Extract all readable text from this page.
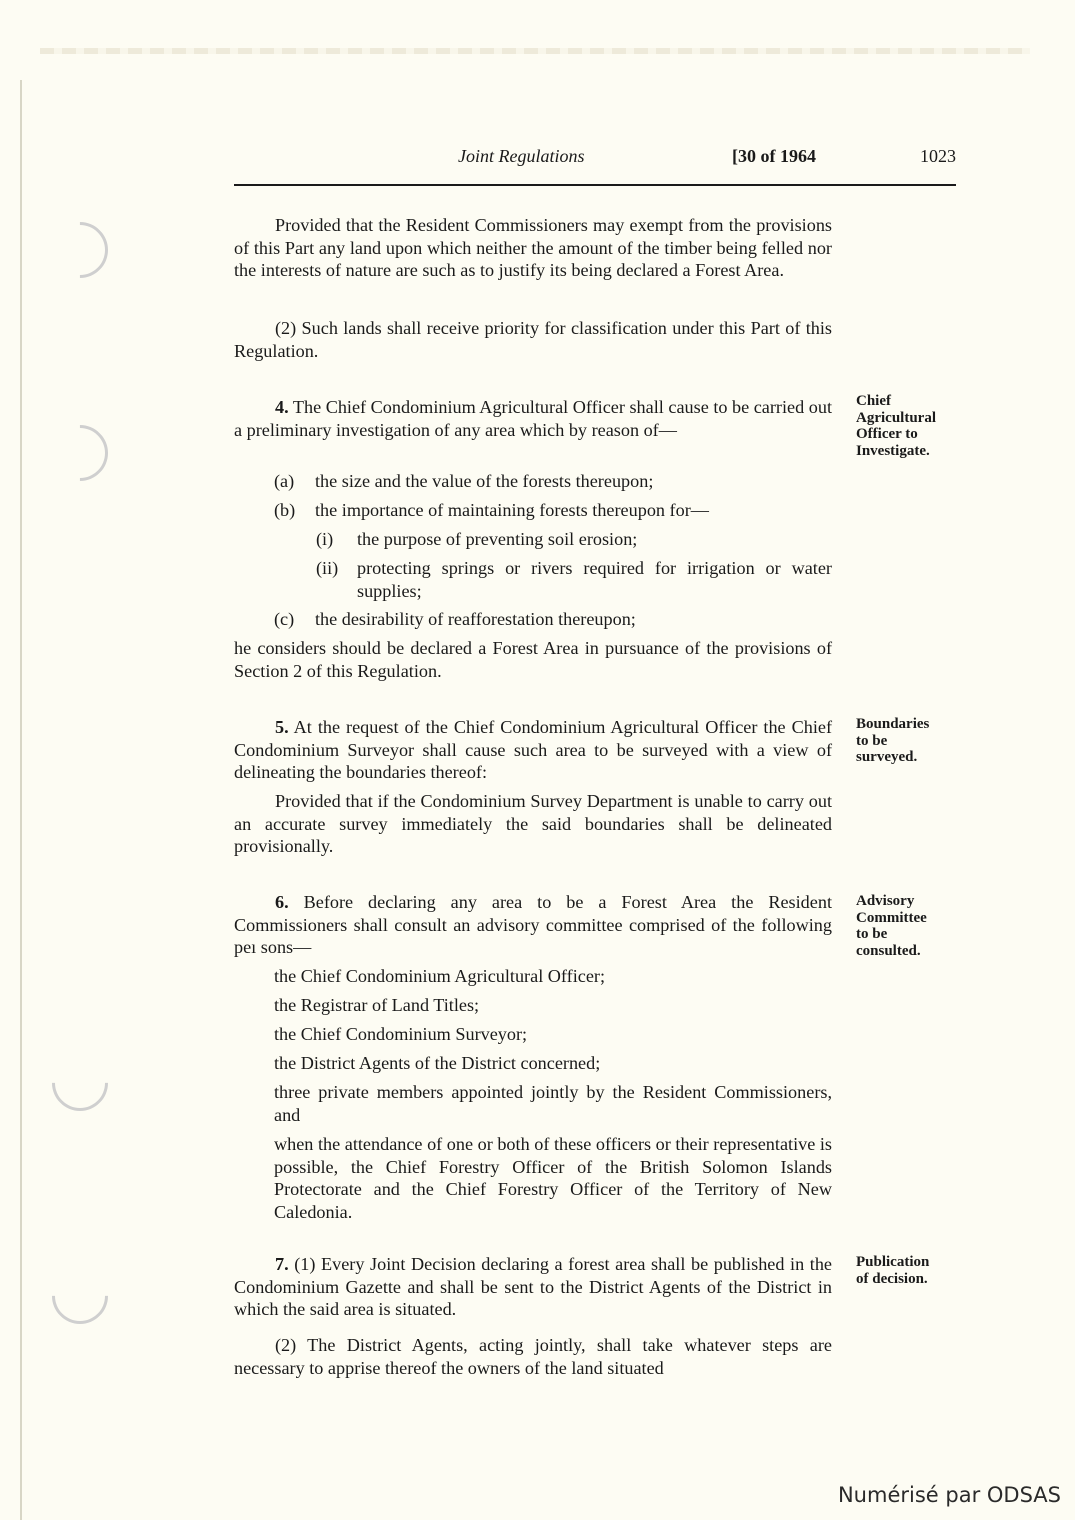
Joint Regulations	[30 of 1964	1023

Provided that the Resident Commissioners may exempt from the provisions of this Part any land upon which neither the amount of the timber being felled nor the interests of nature are such as to justify its being declared a Forest Area.

(2) Such lands shall receive priority for classification under this Part of this Regulation.

4. The Chief Condominium Agricultural Officer shall cause to be carried out a preliminary investigation of any area which by reason of—

Chief
Agricultural
Officer to
Investigate.
(a) the size and the value of the forests thereupon;
(b) the importance of maintaining forests thereupon for—
(i) the purpose of preventing soil erosion;
(ii) protecting springs or rivers required for irrigation or water supplies;
(c) the desirability of reafforestation thereupon;

he considers should be declared a Forest Area in pursuance of the provisions of Section 2 of this Regulation.

5. At the request of the Chief Condominium Agricultural Officer the Chief Condominium Surveyor shall cause such area to be surveyed with a view of delineating the boundaries thereof:

Boundaries
to be
surveyed.

Provided that if the Condominium Survey Department is unable to carry out an accurate survey immediately the said boundaries shall be delineated provisionally.

6. Before declaring any area to be a Forest Area the Resident Commissioners shall consult an advisory committee comprised of the following peı sons—

Advisory
Committee
to be
consulted.
the Chief Condominium Agricultural Officer;
the Registrar of Land Titles;
the Chief Condominium Surveyor;
the District Agents of the District concerned;
three private members appointed jointly by the Resident Commissioners, and
when the attendance of one or both of these officers or their representative is possible, the Chief Forestry Officer of the British Solomon Islands Protectorate and the Chief Forestry Officer of the Territory of New Caledonia.

7. (1) Every Joint Decision declaring a forest area shall be published in the Condominium Gazette and shall be sent to the District Agents of the District in which the said area is situated.

Publication
of decision.

(2) The District Agents, acting jointly, shall take whatever steps are necessary to apprise thereof the owners of the land situated

Numérisé par ODSAS
